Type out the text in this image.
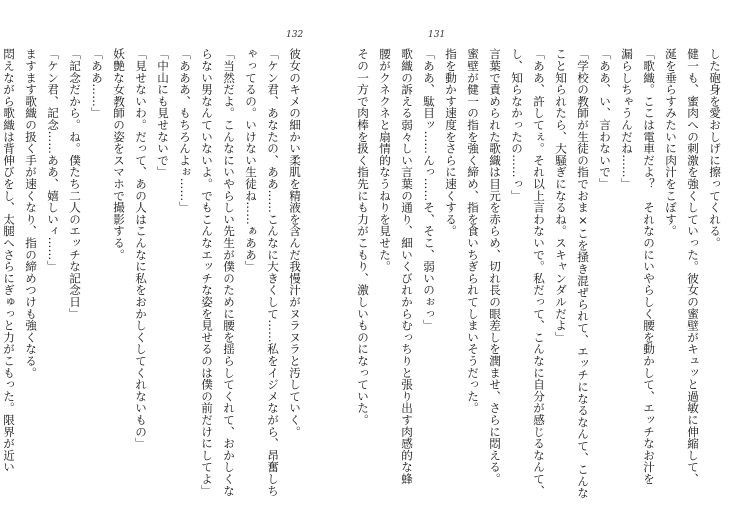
132
彼女のキメの細かい柔肌を精液を含んだ我慢汁がヌラヌラと汚していく。
「ケン君、あなたの、ああ……こんなに大きくして……私をイジメながら、昂奮しち
ゃってるの。いけない生徒ね……ぁああ」
「当然だよ。こんなにいやらしい先生が僕のために腰を揺らしてくれて、おかしくな
らない男なんていないよ。でもこんなエッチな姿を見せるのは僕の前だけにしてよ」
「あああ、もちろんよぉ……」
「中山にも見せないで」
「見せないわ。だって、あの人はこんなに私をおかしくしてくれないもの」
妖艶な女教師の姿をスマホで撮影する。
「ああ……」
「記念だから。ね。僕たち二人のエッチな記念日」
「ケン君、記念……ああ、嬉しいィ……」
ますます歌織の扱く手が速くなり、指の締めつけも強くなる。
悶えながら歌織は背伸びをし、太腿へさらにぎゅっと力がこもった。限界が近い
131
した砲身を愛おしげに擦ってくれる。
健一も、蜜肉への刺激を強くしていった。彼女の蜜壁がキュッと過敏に伸縮して、
涎を垂らすみたいに肉汁をこぼす。
「歌織。ここは電車だよ？　それなのにいやらしく腰を動かして、エッチなお汁を
漏らしちゃうんだね……」
「ああ、い、言わないで」
「学校の教師が生徒の指でおま×こを掻き混ぜられて、エッチになるなんて、こんな
こと知られたら、大騒ぎになるね。スキャンダルだよ」
「ああ、許してぇ。それ以上言わないで。私だって、こんなに自分が感じるなんて、
し、知らなかったの……っ」
言葉で責められた歌織は目元を赤らめ、切れ長の眼差しを潤ませ、さらに悶える。
蜜壁が健一の指を強く締め、指を食いちぎられてしまいそうだった。
指を動かす速度をさらに速くする。
「ああ、駄目ッ……んっ……そ、そこ、弱いのぉっ」
歌織の訴える弱々しい言葉の通り、細いくびれからむっちりと張り出す肉感的な蜂
腰がクネクネと扇情的なうねりを見せた。
その一方で肉棒を扱く指先にも力がこもり、激しいものになっていた。
